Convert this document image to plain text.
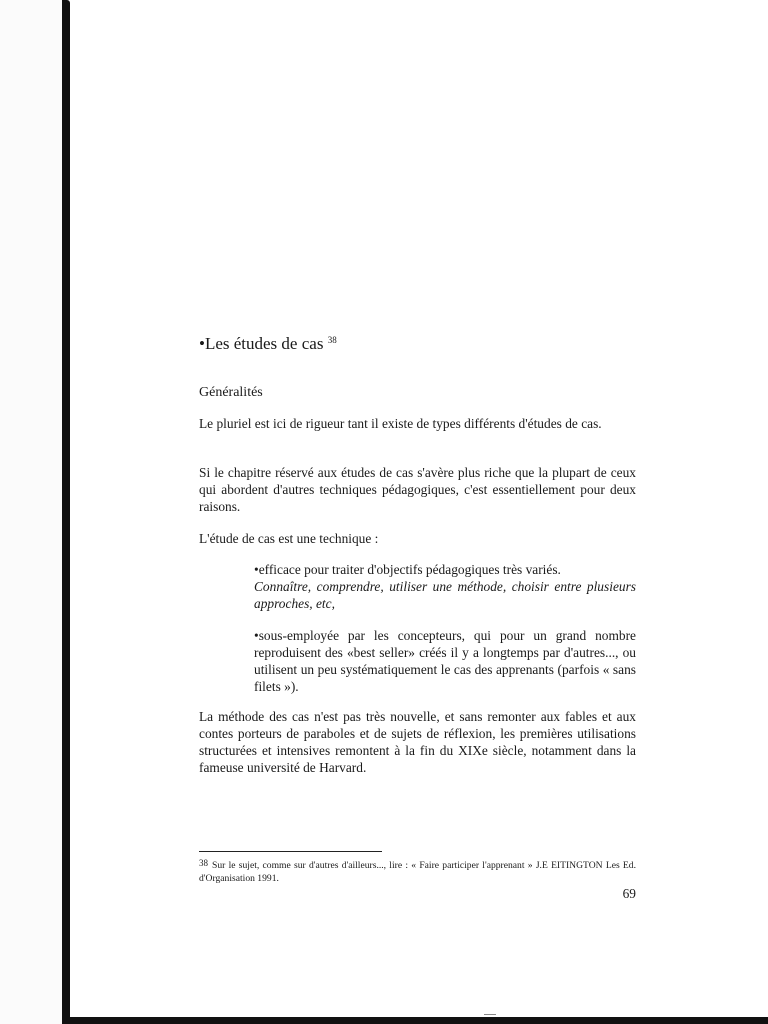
•Les études de cas $^{38}$
Généralités

Le pluriel est ici de rigueur tant il existe de types différents d'études de cas.

Si le chapitre réservé aux études de cas s'avère plus riche que la plupart de ceux qui abordent d'autres techniques pédagogiques, c'est essentiellement pour deux raisons.

L'étude de cas est une technique :

•efficace pour traiter d'objectifs pédagogiques très variés.
Connaître, comprendre, utiliser une méthode, choisir entre plusieurs approches, etc,

•sous-employée par les concepteurs, qui pour un grand nombre reproduisent des «best seller» créés il y a longtemps par d'autres..., ou utilisent un peu systématiquement le cas des apprenants (parfois « sans filets »).

La méthode des cas n'est pas très nouvelle, et sans remonter aux fables et aux contes porteurs de paraboles et de sujets de réflexion, les premières utilisations structurées et intensives remontent à la fin du XIXe siècle, notamment dans la fameuse université de Harvard.

$^{38}$ Sur le sujet, comme sur d'autres d'ailleurs..., lire : « Faire participer l'apprenant » J.E EITINGTON Les Ed. d'Organisation 1991.

69
